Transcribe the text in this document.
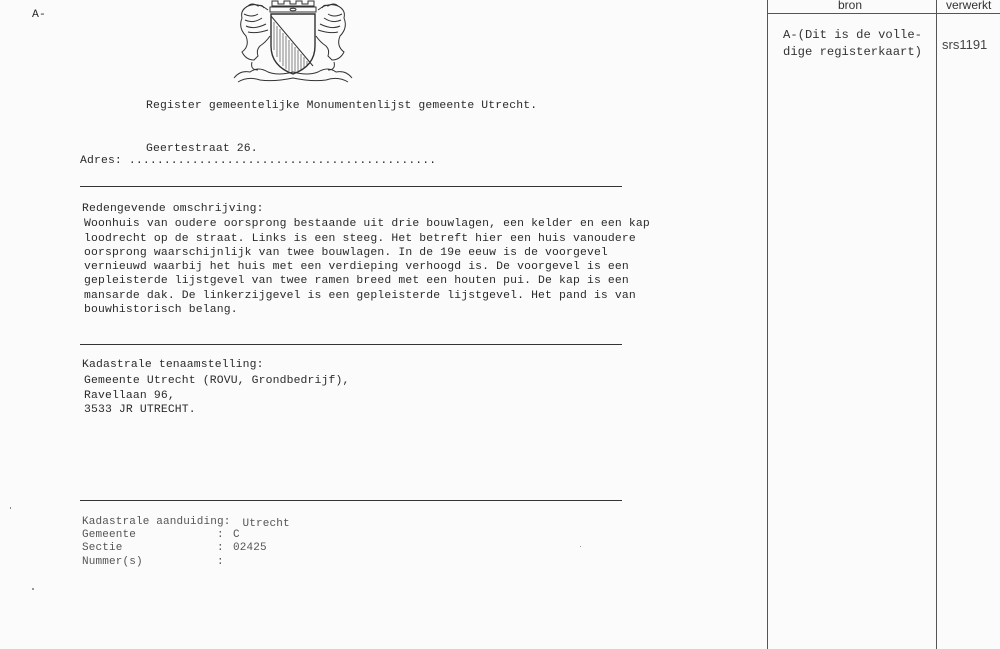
A-
Register gemeentelijke Monumentenlijst gemeente Utrecht.
Geertestraat 26.
Adres: ............................................
Redengevende omschrijving:
Woonhuis van oudere oorsprong bestaande uit drie bouwlagen, een kelder en een kap
loodrecht op de straat. Links is een steeg. Het betreft hier een huis vanoudere
oorsprong waarschijnlijk van twee bouwlagen. In de 19e eeuw is de voorgevel
vernieuwd waarbij het huis met een verdieping verhoogd is. De voorgevel is een
gepleisterde lijstgevel van twee ramen breed met een houten pui. De kap is een
mansarde dak. De linkerzijgevel is een gepleisterde lijstgevel. Het pand is van
bouwhistorisch belang.
Kadastrale tenaamstelling:
Gemeente Utrecht (ROVU, Grondbedrijf),
Ravellaan 96,
3533 JR UTRECHT.
Kadastrale aanduiding : Utrecht
Gemeente	: C
Sectie	: 02425
Nummer(s)	:
bron	verwerkt
A-(Dit is de volle-
dige registerkaart) srs1191
